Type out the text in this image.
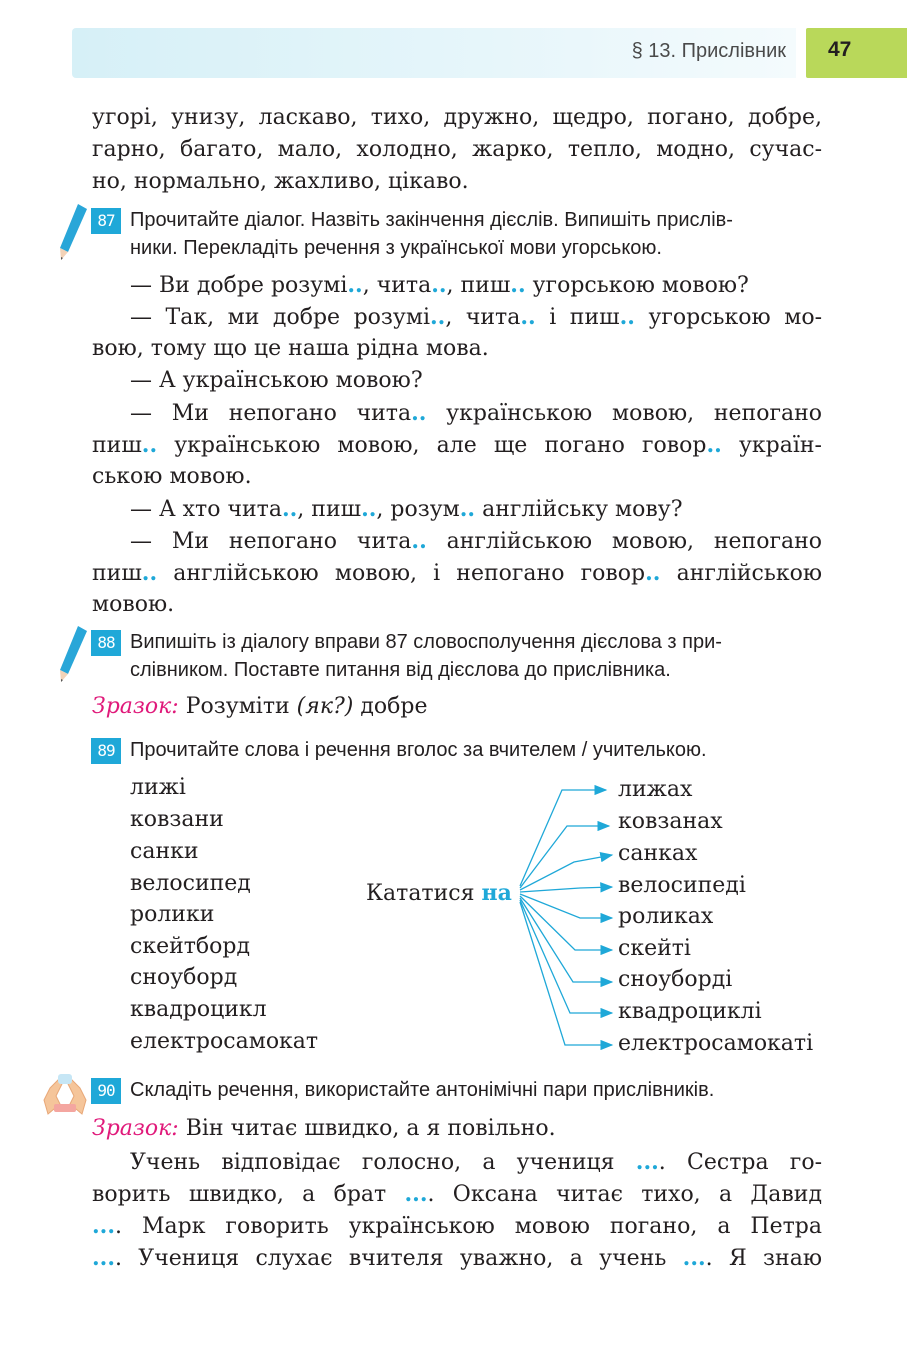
§ 13. Прислівник 47
угорі, унизу, ласкаво, тихо, дружно, щедро, погано, добре,
гарно, багато, мало, холодно, жарко, тепло, модно, сучас-
но, нормально, жахливо, цікаво.
87 Прочитайте діалог. Назвіть закінчення дієслів. Випишіть прислів-
ники. Перекладіть речення з української мови угорською.
— Ви добре розумі.., чита.., пиш.. угорською мовою?
— Так, ми добре розумі.., чита.. і пиш.. угорською мо-
вою, тому що це наша рідна мова.
— А українською мовою?
— Ми непогано чита.. українською мовою, непогано
пиш.. українською мовою, але ще погано говор.. україн-
ською мовою.
— А хто чита.., пиш.., розум.. англійську мову?
— Ми непогано чита.. англійською мовою, непогано
пиш.. англійською мовою, і непогано говор.. англійською
мовою.
88 Випишіть із діалогу вправи 87 словосполучення дієслова з при-
слівником. Поставте питання від дієслова до прислівника.
Зразок: Розуміти (як?) добре
89 Прочитайте слова і речення вголос за вчителем / учителькою.
лижі
ковзани
санки
велосипед
ролики
скейтборд
сноуборд
квадроцикл
електросамокат
Кататися на
лижах
ковзанах
санках
велосипеді
роликах
скейті
сноуборді
квадроциклі
електросамокаті
90 Складіть речення, використайте антонімічні пари прислівників.
Зразок: Він читає швидко, а я повільно.
Учень відповідає голосно, а учениця .... Сестра го-
ворить швидко, а брат .... Оксана читає тихо, а Давид
.... Марк говорить українською мовою погано, а Петра
.... Учениця слухає вчителя уважно, а учень .... Я знаю
